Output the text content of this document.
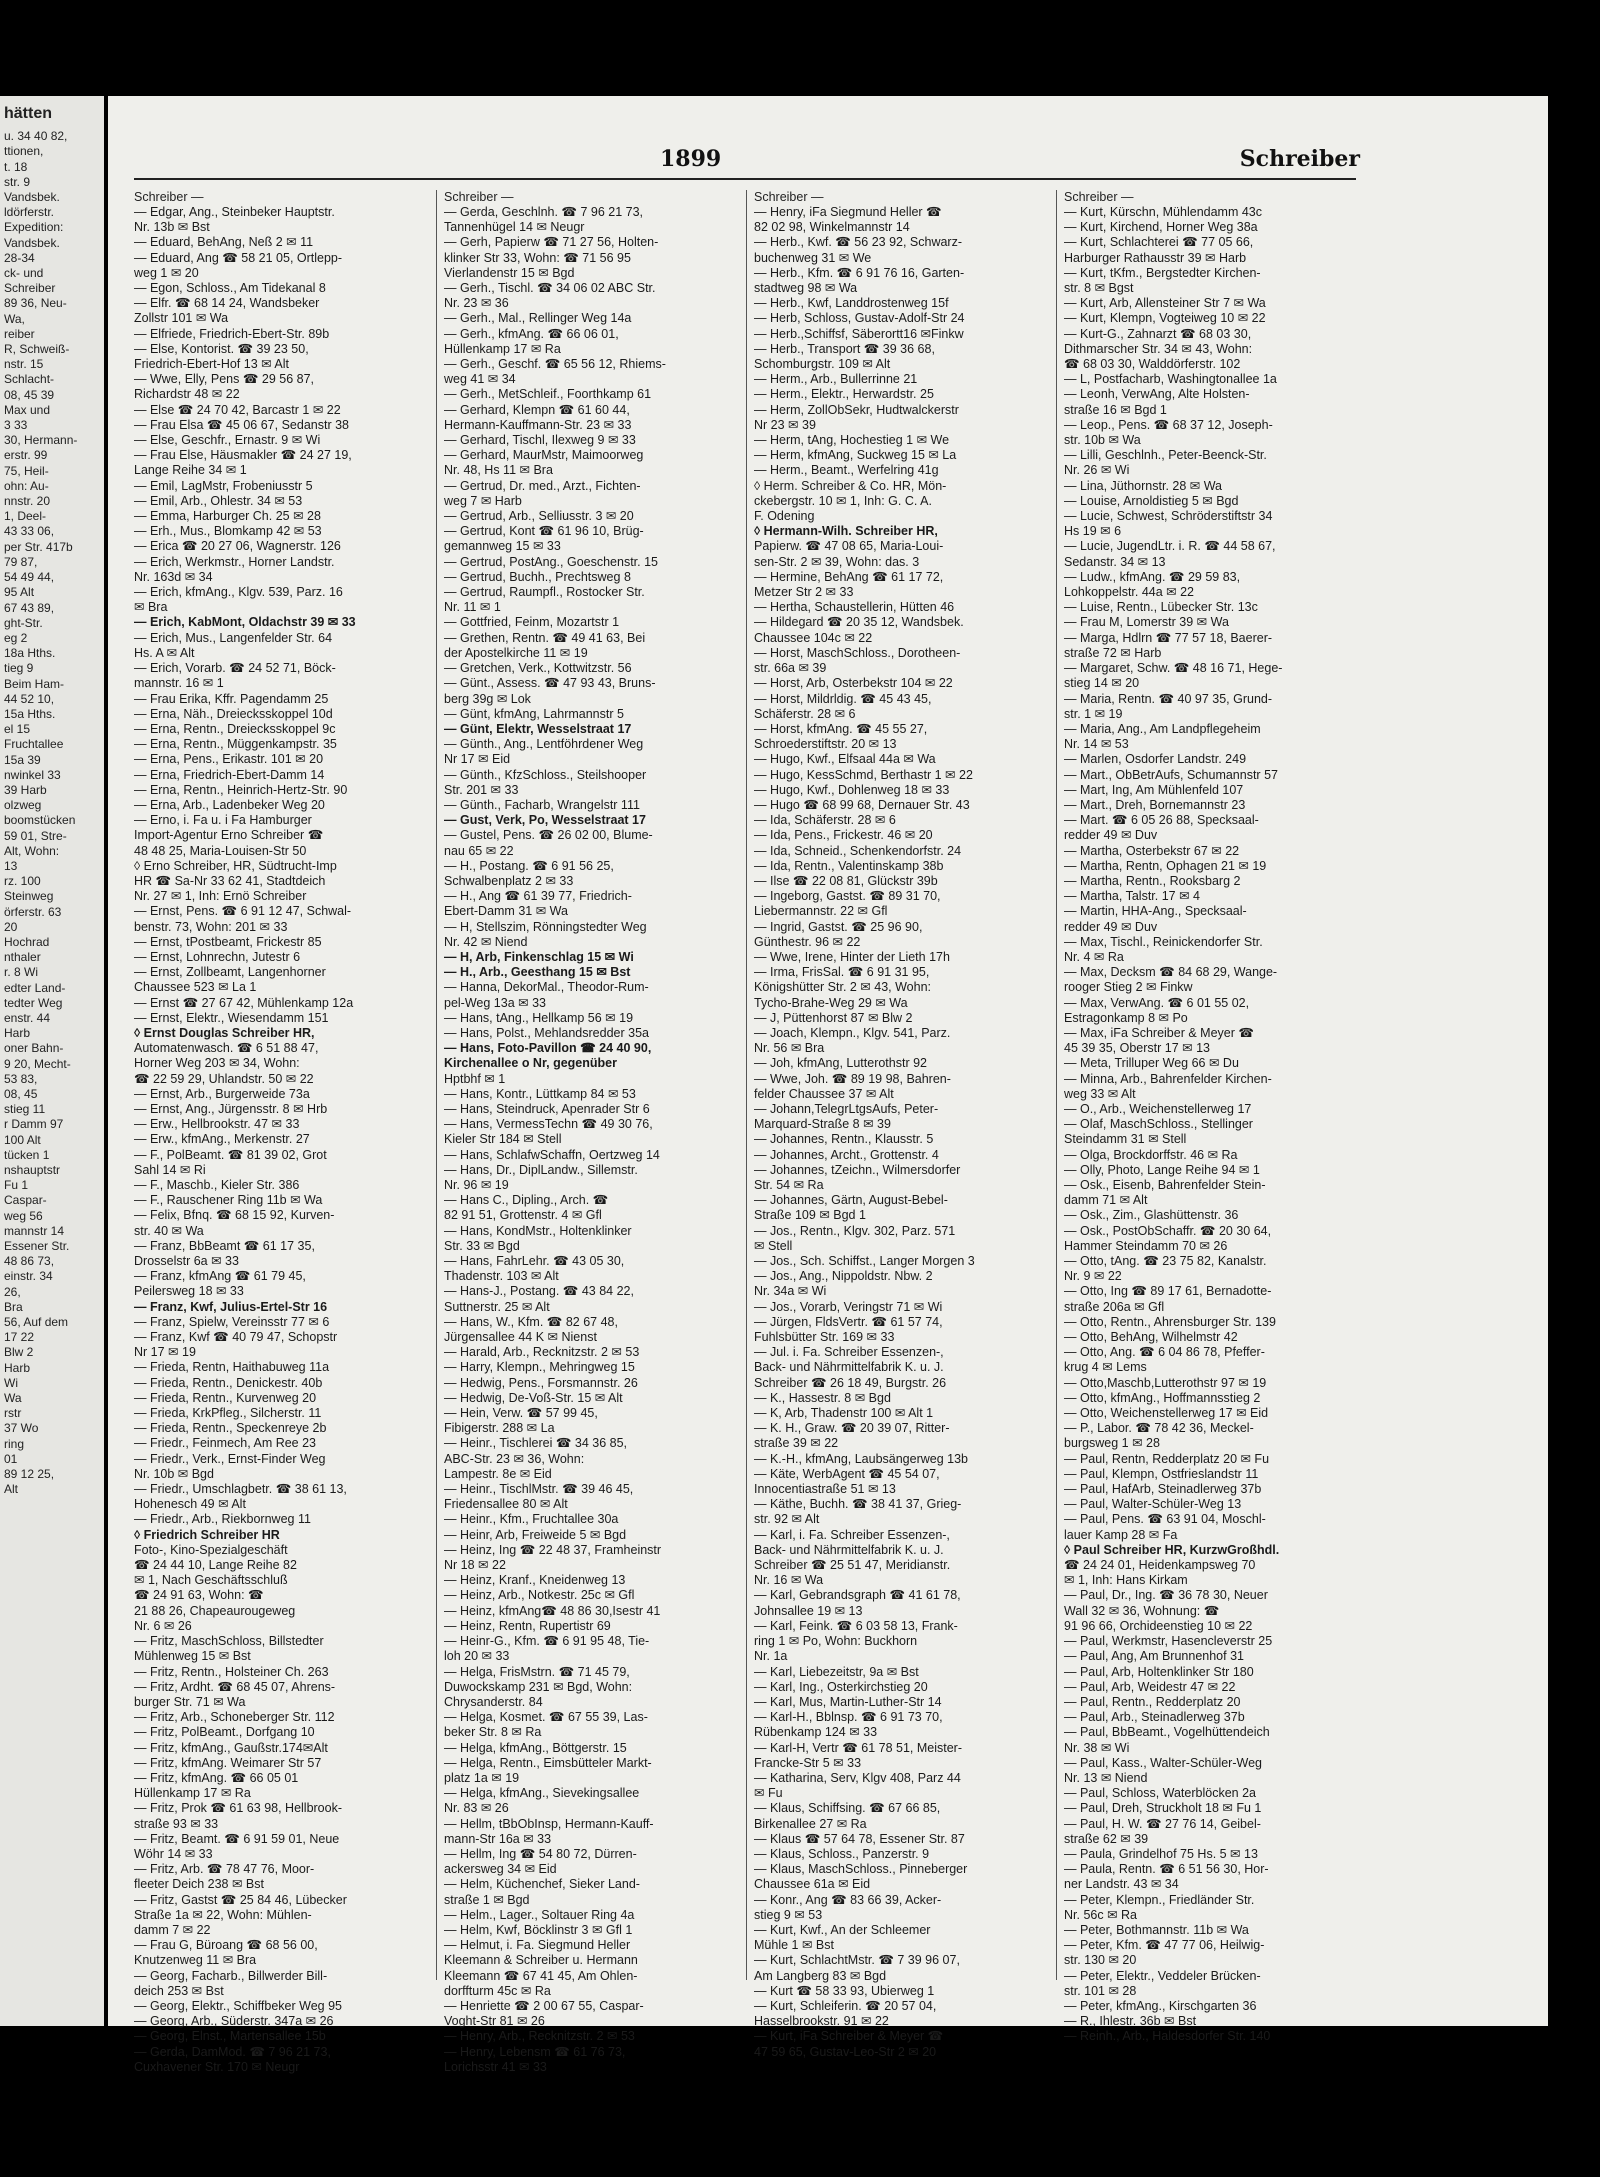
hätten
u. 34 40 82,
ttionen,
t. 18
str. 9
Vandsbek.
ldörferstr.
Expedition:
Vandsbek.
28-34
ck- und
Schreiber
89 36, Neu-
Wa,
reiber
R, Schweiß-
nstr. 15
Schlacht-
08, 45 39
Max und
3 33
30, Hermann-
erstr. 99
75, Heil-
ohn: Au-
nnstr. 20
1, Deel-
43 33 06,
per Str. 417b
79 87,
54 49 44,
95 Alt
67 43 89,
ght-Str.
eg 2
18a Hths.
tieg 9
Beim Ham-
44 52 10,
15a Hths.
el 15
Fruchtallee
15a 39
nwinkel 33
39 Harb
olzweg
boomstücken
59 01, Stre-
Alt, Wohn:
13
rz. 100
Steinweg
örferstr. 63
20
Hochrad
nthaler
r. 8 Wi
edter Land-
tedter Weg
enstr. 44
Harb
oner Bahn-
9 20, Mecht-
53 83,
08, 45
stieg 11
r Damm 97
100 Alt
tücken 1
nshauptstr
Fu 1
Caspar-
weg 56
mannstr 14
Essener Str.
48 86 73,
einstr. 34
26,
Bra
56, Auf dem
17 22
Blw 2
Harb
Wi
Wa
rstr
37 Wo
ring
01
89 12 25,
Alt
1899	Schreiber
Schreiber —
— Edgar, Ang., Steinbeker Hauptstr.
Nr. 13b ✉ Bst
— Eduard, BehAng, Neß 2 ✉ 11
— Eduard, Ang ☎ 58 21 05, Ortlepp-
weg 1 ✉ 20
— Egon, Schloss., Am Tidekanal 8
— Elfr. ☎ 68 14 24, Wandsbeker
Zollstr 101 ✉ Wa
— Elfriede, Friedrich-Ebert-Str. 89b
— Else, Kontorist. ☎ 39 23 50,
Friedrich-Ebert-Hof 13 ✉ Alt
— Wwe, Elly, Pens ☎ 29 56 87,
Richardstr 48 ✉ 22
— Else ☎ 24 70 42, Barcastr 1 ✉ 22
— Frau Elsa ☎ 45 06 67, Sedanstr 38
— Else, Geschfr., Ernastr. 9 ✉ Wi
— Frau Else, Häusmakler ☎ 24 27 19,
Lange Reihe 34 ✉ 1
— Emil, LagMstr, Frobeniusstr 5
— Emil, Arb., Ohlestr. 34 ✉ 53
— Emma, Harburger Ch. 25 ✉ 28
— Erh., Mus., Blomkamp 42 ✉ 53
— Erica ☎ 20 27 06, Wagnerstr. 126
— Erich, Werkmstr., Horner Landstr.
Nr. 163d ✉ 34
— Erich, kfmAng., Klgv. 539, Parz. 16
✉ Bra
— Erich, KabMont, Oldachstr 39 ✉ 33
— Erich, Mus., Langenfelder Str. 64
Hs. A ✉ Alt
— Erich, Vorarb. ☎ 24 52 71, Böck-
mannstr. 16 ✉ 1
— Frau Erika, Kffr. Pagendamm 25
— Erna, Näh., Dreiecksskoppel 10d
— Erna, Rentn., Dreiecksskoppel 9c
— Erna, Rentn., Müggenkampstr. 35
— Erna, Pens., Erikastr. 101 ✉ 20
— Erna, Friedrich-Ebert-Damm 14
— Erna, Rentn., Heinrich-Hertz-Str. 90
— Erna, Arb., Ladenbeker Weg 20
— Erno, i. Fa u. i Fa Hamburger
Import-Agentur Erno Schreiber ☎
48 48 25, Maria-Louisen-Str 50
◊ Erno Schreiber, HR, Südtrucht-Imp
HR ☎ Sa-Nr 33 62 41, Stadtdeich
Nr. 27 ✉ 1, Inh: Ernö Schreiber
— Ernst, Pens. ☎ 6 91 12 47, Schwal-
benstr. 73, Wohn: 201 ✉ 33
— Ernst, tPostbeamt, Frickestr 85
— Ernst, Lohnrechn, Jutestr 6
— Ernst, Zollbeamt, Langenhorner
Chaussee 523 ✉ La 1
— Ernst ☎ 27 67 42, Mühlenkamp 12a
— Ernst, Elektr., Wiesendamm 151
◊ Ernst Douglas Schreiber HR,
Automatenwasch. ☎ 6 51 88 47,
Horner Weg 203 ✉ 34, Wohn:
☎ 22 59 29, Uhlandstr. 50 ✉ 22
— Ernst, Arb., Burgerweide 73a
— Ernst, Ang., Jürgensstr. 8 ✉ Hrb
— Erw., Hellbrookstr. 47 ✉ 33
— Erw., kfmAng., Merkenstr. 27
— F., PolBeamt. ☎ 81 39 02, Grot
Sahl 14 ✉ Ri
— F., Maschb., Kieler Str. 386
— F., Rauschener Ring 11b ✉ Wa
— Felix, Bfnq. ☎ 68 15 92, Kurven-
str. 40 ✉ Wa
— Franz, BbBeamt ☎ 61 17 35,
Drosselstr 6a ✉ 33
— Franz, kfmAng ☎ 61 79 45,
Peilersweg 18 ✉ 33
— Franz, Kwf, Julius-Ertel-Str 16
— Franz, Spielw, Vereinsstr 77 ✉ 6
— Franz, Kwf ☎ 40 79 47, Schopstr
Nr 17 ✉ 19
— Frieda, Rentn, Haithabuweg 11a
— Frieda, Rentn., Denickestr. 40b
— Frieda, Rentn., Kurvenweg 20
— Frieda, KrkPfleg., Silcherstr. 11
— Frieda, Rentn., Speckenreye 2b
— Friedr., Feinmech, Am Ree 23
— Friedr., Verk., Ernst-Finder Weg
Nr. 10b ✉ Bgd
— Friedr., Umschlagbetr. ☎ 38 61 13,
Hohenesch 49 ✉ Alt
— Friedr., Arb., Riekbornweg 11
◊ Friedrich Schreiber HR
Foto-, Kino-Spezialgeschäft
☎ 24 44 10, Lange Reihe 82
✉ 1, Nach Geschäftsschluß
☎ 24 91 63, Wohn: ☎
21 88 26, Chapeaurougeweg
Nr. 6 ✉ 26
— Fritz, MaschSchloss, Billstedter
Mühlenweg 15 ✉ Bst
— Fritz, Rentn., Holsteiner Ch. 263
— Fritz, Ardht. ☎ 68 45 07, Ahrens-
burger Str. 71 ✉ Wa
— Fritz, Arb., Schoneberger Str. 112
— Fritz, PolBeamt., Dorfgang 10
— Fritz, kfmAng., Gaußstr.174✉Alt
— Fritz, kfmAng. Weimarer Str 57
— Fritz, kfmAng. ☎ 66 05 01
Hüllenkamp 17 ✉ Ra
— Fritz, Prok ☎ 61 63 98, Hellbrook-
straße 93 ✉ 33
— Fritz, Beamt. ☎ 6 91 59 01, Neue
Wöhr 14 ✉ 33
— Fritz, Arb. ☎ 78 47 76, Moor-
fleeter Deich 238 ✉ Bst
— Fritz, Gastst ☎ 25 84 46, Lübecker
Straße 1a ✉ 22, Wohn: Mühlen-
damm 7 ✉ 22
— Frau G, Büroang ☎ 68 56 00,
Knutzenweg 11 ✉ Bra
— Georg, Facharb., Billwerder Bill-
deich 253 ✉ Bst
— Georg, Elektr., Schiffbeker Weg 95
— Georg, Arb., Süderstr. 347a ✉ 26
— Georg, Elnst., Martensallee 15b
— Gerda, DamMod. ☎ 7 96 21 73,
Cuxhavener Str. 170 ✉ Neugr
Schreiber —
— Gerda, Geschlnh. ☎ 7 96 21 73,
Tannenhügel 14 ✉ Neugr
— Gerh, Papierw ☎ 71 27 56, Holten-
klinker Str 33, Wohn: ☎ 71 56 95
Vierlandenstr 15 ✉ Bgd
— Gerh., Tischl. ☎ 34 06 02 ABC Str.
Nr. 23 ✉ 36
— Gerh., Mal., Rellinger Weg 14a
— Gerh., kfmAng. ☎ 66 06 01,
Hüllenkamp 17 ✉ Ra
— Gerh., Geschf. ☎ 65 56 12, Rhiems-
weg 41 ✉ 34
— Gerh., MetSchleif., Foorthkamp 61
— Gerhard, Klempn ☎ 61 60 44,
Hermann-Kauffmann-Str. 23 ✉ 33
— Gerhard, Tischl, Ilexweg 9 ✉ 33
— Gerhard, MaurMstr, Maimoorweg
Nr. 48, Hs 11 ✉ Bra
— Gertrud, Dr. med., Arzt., Fichten-
weg 7 ✉ Harb
— Gertrud, Arb., Selliusstr. 3 ✉ 20
— Gertrud, Kont ☎ 61 96 10, Brüg-
gemannweg 15 ✉ 33
— Gertrud, PostAng., Goeschenstr. 15
— Gertrud, Buchh., Prechtsweg 8
— Gertrud, Raumpfl., Rostocker Str.
Nr. 11 ✉ 1
— Gottfried, Feinm, Mozartstr 1
— Grethen, Rentn. ☎ 49 41 63, Bei
der Apostelkirche 11 ✉ 19
— Gretchen, Verk., Kottwitzstr. 56
— Günt., Assess. ☎ 47 93 43, Bruns-
berg 39g ✉ Lok
— Günt, kfmAng, Lahrmannstr 5
— Günt, Elektr, Wesselstraat 17
— Günth., Ang., Lentföhrdener Weg
Nr 17 ✉ Eid
— Günth., KfzSchloss., Steilshooper
Str. 201 ✉ 33
— Günth., Facharb, Wrangelstr 111
— Gust, Verk, Po, Wesselstraat 17
— Gustel, Pens. ☎ 26 02 00, Blume-
nau 65 ✉ 22
— H., Postang. ☎ 6 91 56 25,
Schwalbenplatz 2 ✉ 33
— H., Ang ☎ 61 39 77, Friedrich-
Ebert-Damm 31 ✉ Wa
— H, Stellszim, Rönningstedter Weg
Nr. 42 ✉ Niend
— H, Arb, Finkenschlag 15 ✉ Wi
— H., Arb., Geesthang 15 ✉ Bst
— Hanna, DekorMal., Theodor-Rum-
pel-Weg 13a ✉ 33
— Hans, tAng., Hellkamp 56 ✉ 19
— Hans, Polst., Mehlandsredder 35a
— Hans, Foto-Pavillon ☎ 24 40 90,
Kirchenallee o Nr, gegenüber
Hptbhf ✉ 1
— Hans, Kontr., Lüttkamp 84 ✉ 53
— Hans, Steindruck, Apenrader Str 6
— Hans, VermessTechn ☎ 49 30 76,
Kieler Str 184 ✉ Stell
— Hans, SchlafwSchaffn, Oertzweg 14
— Hans, Dr., DiplLandw., Sillemstr.
Nr. 96 ✉ 19
— Hans C., Dipling., Arch. ☎
82 91 51, Grottenstr. 4 ✉ Gfl
— Hans, KondMstr., Holtenklinker
Str. 33 ✉ Bgd
— Hans, FahrLehr. ☎ 43 05 30,
Thadenstr. 103 ✉ Alt
— Hans-J., Postang. ☎ 43 84 22,
Suttnerstr. 25 ✉ Alt
— Hans, W., Kfm. ☎ 82 67 48,
Jürgensallee 44 K ✉ Nienst
— Harald, Arb., Recknitzstr. 2 ✉ 53
— Harry, Klempn., Mehringweg 15
— Hedwig, Pens., Forsmannstr. 26
— Hedwig, De-Voß-Str. 15 ✉ Alt
— Hein, Verw. ☎ 57 99 45,
Fibigerstr. 288 ✉ La
— Heinr., Tischlerei ☎ 34 36 85,
ABC-Str. 23 ✉ 36, Wohn:
Lampestr. 8e ✉ Eid
— Heinr., TischlMstr. ☎ 39 46 45,
Friedensallee 80 ✉ Alt
— Heinr., Kfm., Fruchtallee 30a
— Heinr, Arb, Freiweide 5 ✉ Bgd
— Heinz, Ing ☎ 22 48 37, Framheinstr
Nr 18 ✉ 22
— Heinz, Kranf., Kneidenweg 13
— Heinz, Arb., Notkestr. 25c ✉ Gfl
— Heinz, kfmAng☎ 48 86 30,Isestr 41
— Heinz, Rentn, Rupertistr 69
— Heinr-G., Kfm. ☎ 6 91 95 48, Tie-
loh 20 ✉ 33
— Helga, FrisMstrn. ☎ 71 45 79,
Duwockskamp 231 ✉ Bgd, Wohn:
Chrysanderstr. 84
— Helga, Kosmet. ☎ 67 55 39, Las-
beker Str. 8 ✉ Ra
— Helga, kfmAng., Böttgerstr. 15
— Helga, Rentn., Eimsbütteler Markt-
platz 1a ✉ 19
— Helga, kfmAng., Sievekingsallee
Nr. 83 ✉ 26
— Hellm, tBbObInsp, Hermann-Kauff-
mann-Str 16a ✉ 33
— Hellm, Ing ☎ 54 80 72, Dürren-
ackersweg 34 ✉ Eid
— Helm, Küchenchef, Sieker Land-
straße 1 ✉ Bgd
— Helm., Lager., Soltauer Ring 4a
— Helm, Kwf, Böcklinstr 3 ✉ Gfl 1
— Helmut, i. Fa. Siegmund Heller
Kleemann & Schreiber u. Hermann
Kleemann ☎ 67 41 45, Am Ohlen-
dorffturm 45c ✉ Ra
— Henriette ☎ 2 00 67 55, Caspar-
Voght-Str 81 ✉ 26
— Henry, Arb., Recknitzstr. 2 ✉ 53
— Henry, Lebensm ☎ 61 76 73,
Lorichsstr 41 ✉ 33
Schreiber —
— Henry, iFa Siegmund Heller ☎
82 02 98, Winkelmannstr 14
— Herb., Kwf. ☎ 56 23 92, Schwarz-
buchenweg 31 ✉ We
— Herb., Kfm. ☎ 6 91 76 16, Garten-
stadtweg 98 ✉ Wa
— Herb., Kwf, Landdrostenweg 15f
— Herb, Schloss, Gustav-Adolf-Str 24
— Herb.,Schiffsf, Säberortt16 ✉Finkw
— Herb., Transport ☎ 39 36 68,
Schomburgstr. 109 ✉ Alt
— Herm., Arb., Bullerrinne 21
— Herm., Elektr., Herwardstr. 25
— Herm, ZollObSekr, Hudtwalckerstr
Nr 23 ✉ 39
— Herm, tAng, Hochestieg 1 ✉ We
— Herm, kfmAng, Suckweg 15 ✉ La
— Herm., Beamt., Werfelring 41g
◊ Herm. Schreiber & Co. HR, Mön-
ckebergstr. 10 ✉ 1, Inh: G. C. A.
F. Odening
◊ Hermann-Wilh. Schreiber HR,
Papierw. ☎ 47 08 65, Maria-Loui-
sen-Str. 2 ✉ 39, Wohn: das. 3
— Hermine, BehAng ☎ 61 17 72,
Metzer Str 2 ✉ 33
— Hertha, Schaustellerin, Hütten 46
— Hildegard ☎ 20 35 12, Wandsbek.
Chaussee 104c ✉ 22
— Horst, MaschSchloss., Dorotheen-
str. 66a ✉ 39
— Horst, Arb, Osterbekstr 104 ✉ 22
— Horst, Mildrldig. ☎ 45 43 45,
Schäferstr. 28 ✉ 6
— Horst, kfmAng. ☎ 45 55 27,
Schroederstiftstr. 20 ✉ 13
— Hugo, Kwf., Elfsaal 44a ✉ Wa
— Hugo, KessSchmd, Berthastr 1 ✉ 22
— Hugo, Kwf., Dohlenweg 18 ✉ 33
— Hugo ☎ 68 99 68, Dernauer Str. 43
— Ida, Schäferstr. 28 ✉ 6
— Ida, Pens., Frickestr. 46 ✉ 20
— Ida, Schneid., Schenkendorfstr. 24
— Ida, Rentn., Valentinskamp 38b
— Ilse ☎ 22 08 81, Glückstr 39b
— Ingeborg, Gastst. ☎ 89 31 70,
Liebermannstr. 22 ✉ Gfl
— Ingrid, Gastst. ☎ 25 96 90,
Günthestr. 96 ✉ 22
— Wwe, Irene, Hinter der Lieth 17h
— Irma, FrisSal. ☎ 6 91 31 95,
Königshütter Str. 2 ✉ 43, Wohn:
Tycho-Brahe-Weg 29 ✉ Wa
— J, Püttenhorst 87 ✉ Blw 2
— Joach, Klempn., Klgv. 541, Parz.
Nr. 56 ✉ Bra
— Joh, kfmAng, Lutterothstr 92
— Wwe, Joh. ☎ 89 19 98, Bahren-
felder Chaussee 37 ✉ Alt
— Johann,TelegrLtgsAufs, Peter-
Marquard-Straße 8 ✉ 39
— Johannes, Rentn., Klausstr. 5
— Johannes, Archt., Grottenstr. 4
— Johannes, tZeichn., Wilmersdorfer
Str. 54 ✉ Ra
— Johannes, Gärtn, August-Bebel-
Straße 109 ✉ Bgd 1
— Jos., Rentn., Klgv. 302, Parz. 571
✉ Stell
— Jos., Sch. Schiffst., Langer Morgen 3
— Jos., Ang., Nippoldstr. Nbw. 2
Nr. 34a ✉ Wi
— Jos., Vorarb, Veringstr 71 ✉ Wi
— Jürgen, FldsVertr. ☎ 61 57 74,
Fuhlsbütter Str. 169 ✉ 33
— Jul. i. Fa. Schreiber Essenzen-,
Back- und Nährmittelfabrik K. u. J.
Schreiber ☎ 26 18 49, Burgstr. 26
— K., Hassestr. 8 ✉ Bgd
— K, Arb, Thadenstr 100 ✉ Alt 1
— K. H., Graw. ☎ 20 39 07, Ritter-
straße 39 ✉ 22
— K.-H., kfmAng, Laubsängerweg 13b
— Käte, WerbAgent ☎ 45 54 07,
Innocentiastraße 51 ✉ 13
— Käthe, Buchh. ☎ 38 41 37, Grieg-
str. 92 ✉ Alt
— Karl, i. Fa. Schreiber Essenzen-,
Back- und Nährmittelfabrik K. u. J.
Schreiber ☎ 25 51 47, Meridianstr.
Nr. 16 ✉ Wa
— Karl, Gebrandsgraph ☎ 41 61 78,
Johnsallee 19 ✉ 13
— Karl, Feink. ☎ 6 03 58 13, Frank-
ring 1 ✉ Po, Wohn: Buckhorn
Nr. 1a
— Karl, Liebezeitstr, 9a ✉ Bst
— Karl, Ing., Osterkirchstieg 20
— Karl, Mus, Martin-Luther-Str 14
— Karl-H., Bblnsp. ☎ 6 91 73 70,
Rübenkamp 124 ✉ 33
— Karl-H, Vertr ☎ 61 78 51, Meister-
Francke-Str 5 ✉ 33
— Katharina, Serv, Klgv 408, Parz 44
✉ Fu
— Klaus, Schiffsing. ☎ 67 66 85,
Birkenallee 27 ✉ Ra
— Klaus ☎ 57 64 78, Essener Str. 87
— Klaus, Schloss., Panzerstr. 9
— Klaus, MaschSchloss., Pinneberger
Chaussee 61a ✉ Eid
— Konr., Ang ☎ 83 66 39, Acker-
stieg 9 ✉ 53
— Kurt, Kwf., An der Schleemer
Mühle 1 ✉ Bst
— Kurt, SchlachtMstr. ☎ 7 39 96 07,
Am Langberg 83 ✉ Bgd
— Kurt ☎ 58 33 93, Ubierweg 1
— Kurt, Schleiferin. ☎ 20 57 04,
Hasselbrookstr. 91 ✉ 22
— Kurt, iFa Schreiber & Meyer ☎
47 59 65, Gustav-Leo-Str 2 ✉ 20
Schreiber —
— Kurt, Kürschn, Mühlendamm 43c
— Kurt, Kirchend, Horner Weg 38a
— Kurt, Schlachterei ☎ 77 05 66,
Harburger Rathausstr 39 ✉ Harb
— Kurt, tKfm., Bergstedter Kirchen-
str. 8 ✉ Bgst
— Kurt, Arb, Allensteiner Str 7 ✉ Wa
— Kurt, Klempn, Vogteiweg 10 ✉ 22
— Kurt-G., Zahnarzt ☎ 68 03 30,
Dithmarscher Str. 34 ✉ 43, Wohn:
☎ 68 03 30, Walddörferstr. 102
— L, Postfacharb, Washingtonallee 1a
— Leonh, VerwAng, Alte Holsten-
straße 16 ✉ Bgd 1
— Leop., Pens. ☎ 68 37 12, Joseph-
str. 10b ✉ Wa
— Lilli, Geschlnh., Peter-Beenck-Str.
Nr. 26 ✉ Wi
— Lina, Jüthornstr. 28 ✉ Wa
— Louise, Arnoldistieg 5 ✉ Bgd
— Lucie, Schwest, Schröderstiftstr 34
Hs 19 ✉ 6
— Lucie, JugendLtr. i. R. ☎ 44 58 67,
Sedanstr. 34 ✉ 13
— Ludw., kfmAng. ☎ 29 59 83,
Lohkoppelstr. 44a ✉ 22
— Luise, Rentn., Lübecker Str. 13c
— Frau M, Lomerstr 39 ✉ Wa
— Marga, Hdlrn ☎ 77 57 18, Baerer-
straße 72 ✉ Harb
— Margaret, Schw. ☎ 48 16 71, Hege-
stieg 14 ✉ 20
— Maria, Rentn. ☎ 40 97 35, Grund-
str. 1 ✉ 19
— Maria, Ang., Am Landpflegeheim
Nr. 14 ✉ 53
— Marlen, Osdorfer Landstr. 249
— Mart., ObBetrAufs, Schumannstr 57
— Mart, Ing, Am Mühlenfeld 107
— Mart., Dreh, Bornemannstr 23
— Mart. ☎ 6 05 26 88, Specksaal-
redder 49 ✉ Duv
— Martha, Osterbekstr 67 ✉ 22
— Martha, Rentn, Ophagen 21 ✉ 19
— Martha, Rentn., Rooksbarg 2
— Martha, Talstr. 17 ✉ 4
— Martin, HHA-Ang., Specksaal-
redder 49 ✉ Duv
— Max, Tischl., Reinickendorfer Str.
Nr. 4 ✉ Ra
— Max, Decksm ☎ 84 68 29, Wange-
rooger Stieg 2 ✉ Finkw
— Max, VerwAng. ☎ 6 01 55 02,
Estragonkamp 8 ✉ Po
— Max, iFa Schreiber & Meyer ☎
45 39 35, Oberstr 17 ✉ 13
— Meta, Trilluper Weg 66 ✉ Du
— Minna, Arb., Bahrenfelder Kirchen-
weg 33 ✉ Alt
— O., Arb., Weichenstellerweg 17
— Olaf, MaschSchloss., Stellinger
Steindamm 31 ✉ Stell
— Olga, Brockdorffstr. 46 ✉ Ra
— Olly, Photo, Lange Reihe 94 ✉ 1
— Osk., Eisenb, Bahrenfelder Stein-
damm 71 ✉ Alt
— Osk., Zim., Glashüttenstr. 36
— Osk., PostObSchaffr. ☎ 20 30 64,
Hammer Steindamm 70 ✉ 26
— Otto, tAng. ☎ 23 75 82, Kanalstr.
Nr. 9 ✉ 22
— Otto, Ing ☎ 89 17 61, Bernadotte-
straße 206a ✉ Gfl
— Otto, Rentn., Ahrensburger Str. 139
— Otto, BehAng, Wilhelmstr 42
— Otto, Ang. ☎ 6 04 86 78, Pfeffer-
krug 4 ✉ Lems
— Otto,Maschb,Lutterothstr 97 ✉ 19
— Otto, kfmAng., Hoffmannsstieg 2
— Otto, Weichenstellerweg 17 ✉ Eid
— P., Labor. ☎ 78 42 36, Meckel-
burgsweg 1 ✉ 28
— Paul, Rentn, Redderplatz 20 ✉ Fu
— Paul, Klempn, Ostfrieslandstr 11
— Paul, HafArb, Steinadlerweg 37b
— Paul, Walter-Schüler-Weg 13
— Paul, Pens. ☎ 63 91 04, Moschl-
lauer Kamp 28 ✉ Fa
◊ Paul Schreiber HR, KurzwGroßhdl.
☎ 24 24 01, Heidenkampsweg 70
✉ 1, Inh: Hans Kirkam
— Paul, Dr., Ing. ☎ 36 78 30, Neuer
Wall 32 ✉ 36, Wohnung: ☎
91 96 66, Orchideenstieg 10 ✉ 22
— Paul, Werkmstr, Hasencleverstr 25
— Paul, Ang, Am Brunnenhof 31
— Paul, Arb, Holtenklinker Str 180
— Paul, Arb, Weidestr 47 ✉ 22
— Paul, Rentn., Redderplatz 20
— Paul, Arb., Steinadlerweg 37b
— Paul, BbBeamt., Vogelhüttendeich
Nr. 38 ✉ Wi
— Paul, Kass., Walter-Schüler-Weg
Nr. 13 ✉ Niend
— Paul, Schloss, Waterblöcken 2a
— Paul, Dreh, Struckholt 18 ✉ Fu 1
— Paul, H. W. ☎ 27 76 14, Geibel-
straße 62 ✉ 39
— Paula, Grindelhof 75 Hs. 5 ✉ 13
— Paula, Rentn. ☎ 6 51 56 30, Hor-
ner Landstr. 43 ✉ 34
— Peter, Klempn., Friedländer Str.
Nr. 56c ✉ Ra
— Peter, Bothmannstr. 11b ✉ Wa
— Peter, Kfm. ☎ 47 77 06, Heilwig-
str. 130 ✉ 20
— Peter, Elektr., Veddeler Brücken-
str. 101 ✉ 28
— Peter, kfmAng., Kirschgarten 36
— R., Ihlestr. 36b ✉ Bst
— Reinh., Arb., Haldesdorfer Str. 140
